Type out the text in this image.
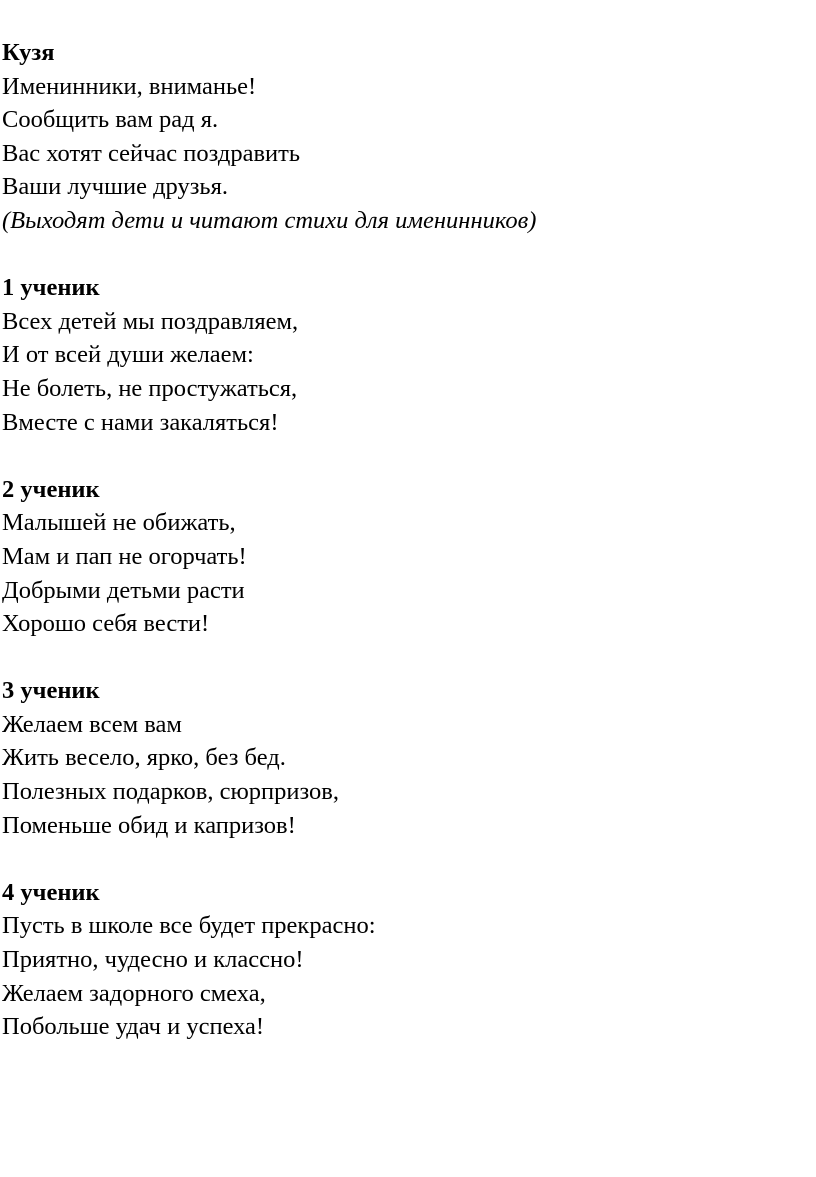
Кузя
Именинники, вниманье!
Сообщить вам рад я.
Вас хотят сейчас поздравить
Ваши лучшие друзья.
(Выходят дети и читают стихи для именинников)
1 ученик
Всех детей мы поздравляем,
И от всей души желаем:
Не болеть, не простужаться,
Вместе с нами закаляться!
2 ученик
Малышей не обижать,
Мам и пап не огорчать!
Добрыми детьми расти
Хорошо себя вести!
3 ученик
Желаем всем вам
Жить весело, ярко, без бед.
Полезных подарков, сюрпризов,
Поменьше обид и капризов!
4 ученик
Пусть в школе все будет прекрасно:
Приятно, чудесно и классно!
Желаем задорного смеха,
Побольше удач и успеха!
